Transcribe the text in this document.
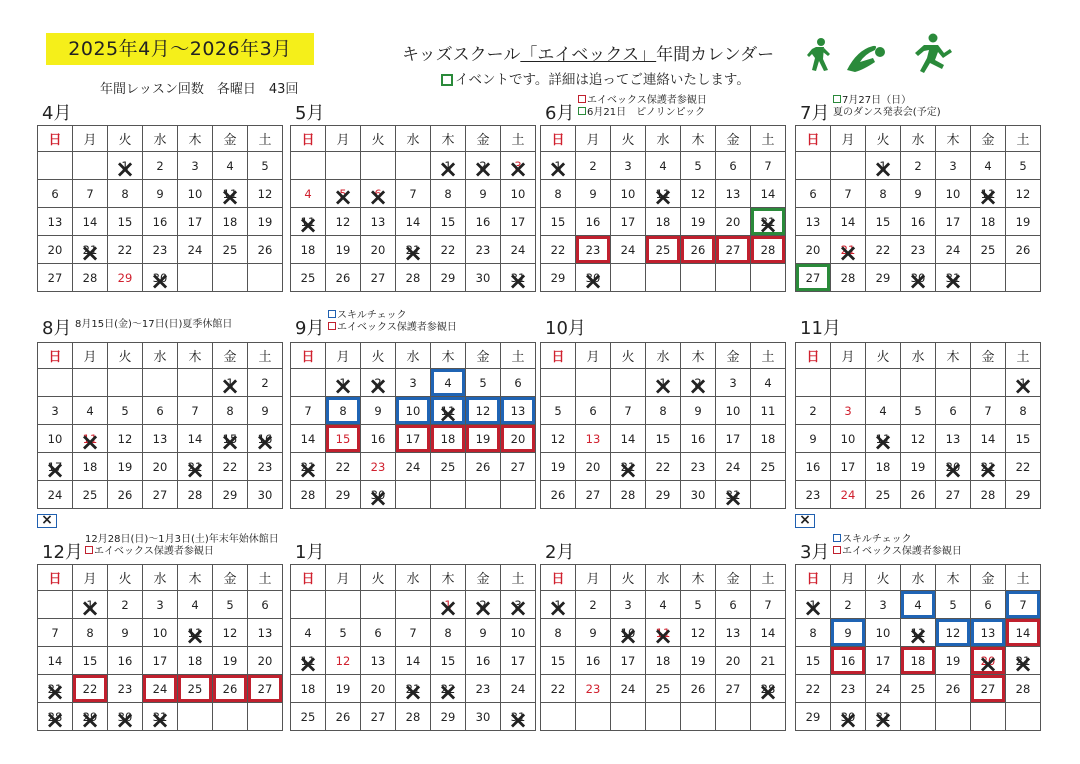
2025年4月～2026年3月
年間レッスン回数　各曜日　43回
キッズスクール「エイベックス」年間カレンダー
イベントです。詳細は追ってご連絡いたします。
4月
日	月	火	水	木	金	土
		1 ×	2	3	4	5
6	7	8	9	10	11 ×	12
13	14	15	16	17	18	19
20	21 ×	22	23	24	25	26
27	28	29	30 ×			
5月
日	月	火	水	木	金	土
				1 ×	2 ×	3 ×
4	5 ×	6 ×	7	8	9	10
11 ×	12	13	14	15	16	17
18	19	20	21 ×	22	23	24
25	26	27	28	29	30	31 ×
6月
エイベックス保護者参観日
6月21日　ピノリンピック
日	月	火	水	木	金	土
1 ×	2	3	4	5	6	7
8	9	10	11 ×	12	13	14
15	16	17	18	19	20	21 ×
22	23	24	25	26	27	28
29	30 ×					
7月
7月27日（日）
夏のダンス発表会(予定)
日	月	火	水	木	金	土
		1 ×	2	3	4	5
6	7	8	9	10	11 ×	12
13	14	15	16	17	18	19
20	21 ×	22	23	24	25	26
27	28	29	30 ×	31 ×		
8月 8月15日(金)～17日(日)夏季休館日
日	月	火	水	木	金	土
					1 ×	2
3	4	5	6	7	8	9
10	11 ×	12	13	14	15 ×	16 ×
17 ×	18	19	20	21 ×	22	23
24	25	26	27	28	29	30
×
9月
スキルチェック
エイベックス保護者参観日
日	月	火	水	木	金	土
	1 ×	2 ×	3	4	5	6
7	8	9	10	11 ×	12	13
14	15	16	17	18	19	20
21 ×	22	23	24	25	26	27
28	29	30 ×				
10月
日	月	火	水	木	金	土
			1 ×	2 ×	3	4
5	6	7	8	9	10	11
12	13	14	15	16	17	18
19	20	21 ×	22	23	24	25
26	27	28	29	30	31 ×	
11月
日	月	火	水	木	金	土
						1 ×
2	3	4	5	6	7	8
9	10	11 ×	12	13	14	15
16	17	18	19	20 ×	21 ×	22
23	24	25	26	27	28	29
×
12月
12月28日(日)～1月3日(土)年末年始休館日
エイベックス保護者参観日
日	月	火	水	木	金	土
	1 ×	2	3	4	5	6
7	8	9	10	11 ×	12	13
14	15	16	17	18	19	20
21 ×	22	23	24	25	26	27
28 ×	29 ×	30 ×	31 ×			
1月
日	月	火	水	木	金	土
				1 ×	2 ×	3 ×
4	5	6	7	8	9	10
11 ×	12	13	14	15	16	17
18	19	20	21 ×	22 ×	23	24
25	26	27	28	29	30	31 ×
2月
日	月	火	水	木	金	土
1 ×	2	3	4	5	6	7
8	9	10 ×	11 ×	12	13	14
15	16	17	18	19	20	21
22	23	24	25	26	27	28 ×

3月
スキルチェック
エイベックス保護者参観日
日	月	火	水	木	金	土
1 ×	2	3	4	5	6	7
8	9	10	11 ×	12	13	14
15	16	17	18	19	20 ×	21 ×
22	23	24	25	26	27	28
29	30 ×	31 ×				
